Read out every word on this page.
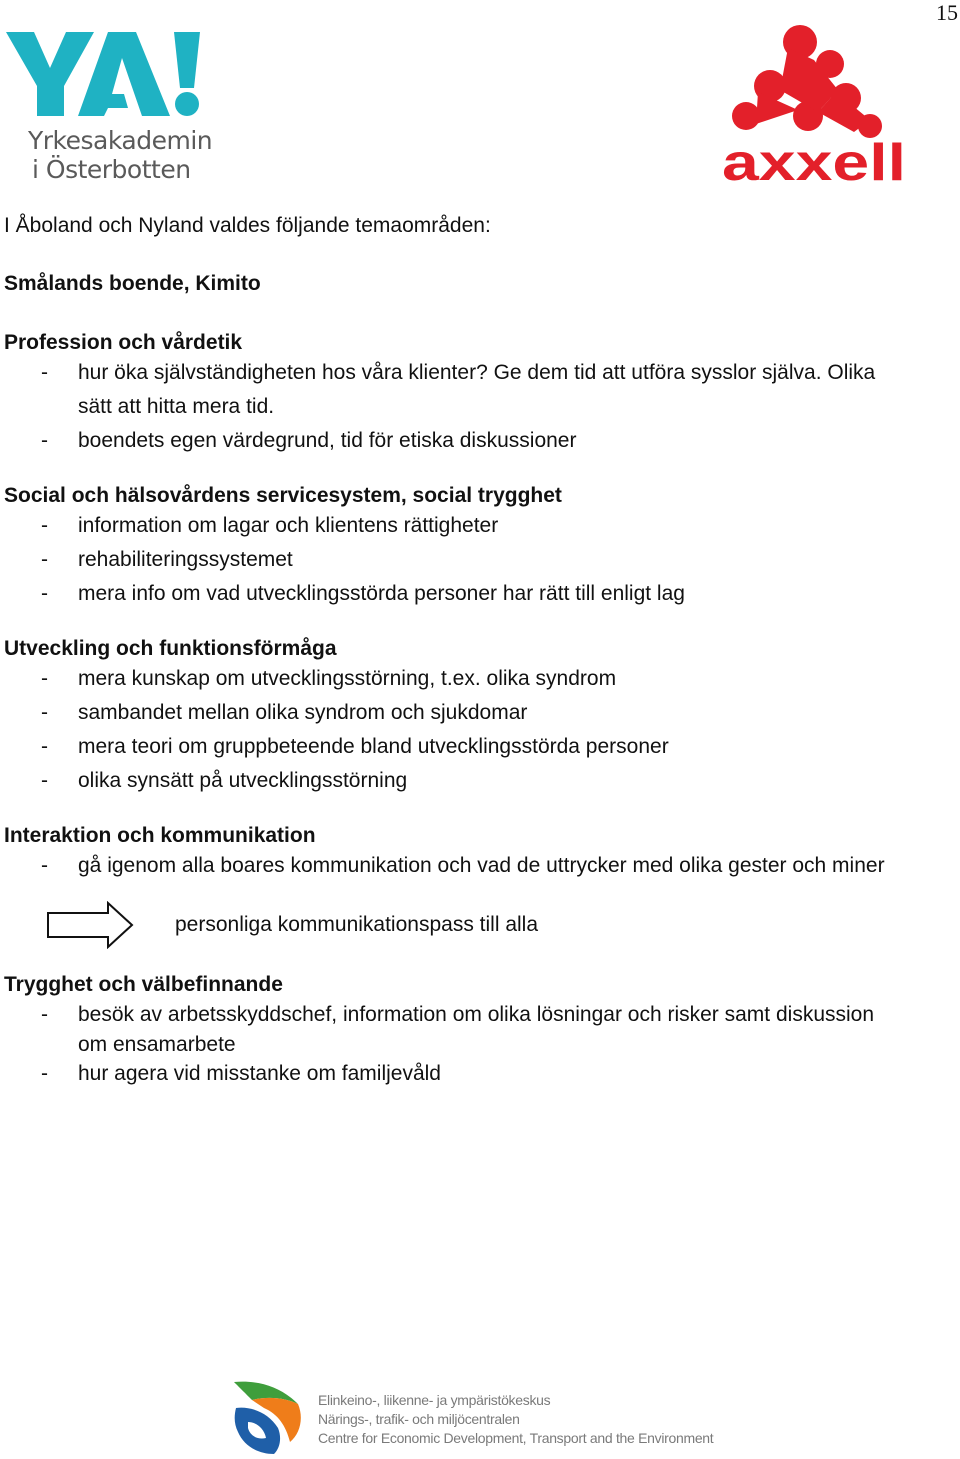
15
Yrkesakademin
i Österbotten	axxell
I Åboland och Nyland valdes följande temaområden:
Smålands boende, Kimito
Profession och vårdetik
- hur öka självständigheten hos våra klienter? Ge dem tid att utföra sysslor själva. Olika
sätt att hitta mera tid.
- boendets egen värdegrund, tid för etiska diskussioner
Social och hälsovårdens servicesystem, social trygghet
- information om lagar och klientens rättigheter
- rehabiliteringssystemet
- mera info om vad utvecklingsstörda personer har rätt till enligt lag
Utveckling och funktionsförmåga
- mera kunskap om utvecklingsstörning, t.ex. olika syndrom
- sambandet mellan olika syndrom och sjukdomar
- mera teori om gruppbeteende bland utvecklingsstörda personer
- olika synsätt på utvecklingsstörning
Interaktion och kommunikation
- gå igenom alla boares kommunikation och vad de uttrycker med olika gester och miner
personliga kommunikationspass till alla
Trygghet och välbefinnande
- besök av arbetsskyddschef, information om olika lösningar och risker samt diskussion
om ensamarbete
- hur agera vid misstanke om familjevåld
Elinkeino-, liikenne- ja ympäristökeskus
Närings-, trafik- och miljöcentralen
Centre for Economic Development, Transport and the Environment
